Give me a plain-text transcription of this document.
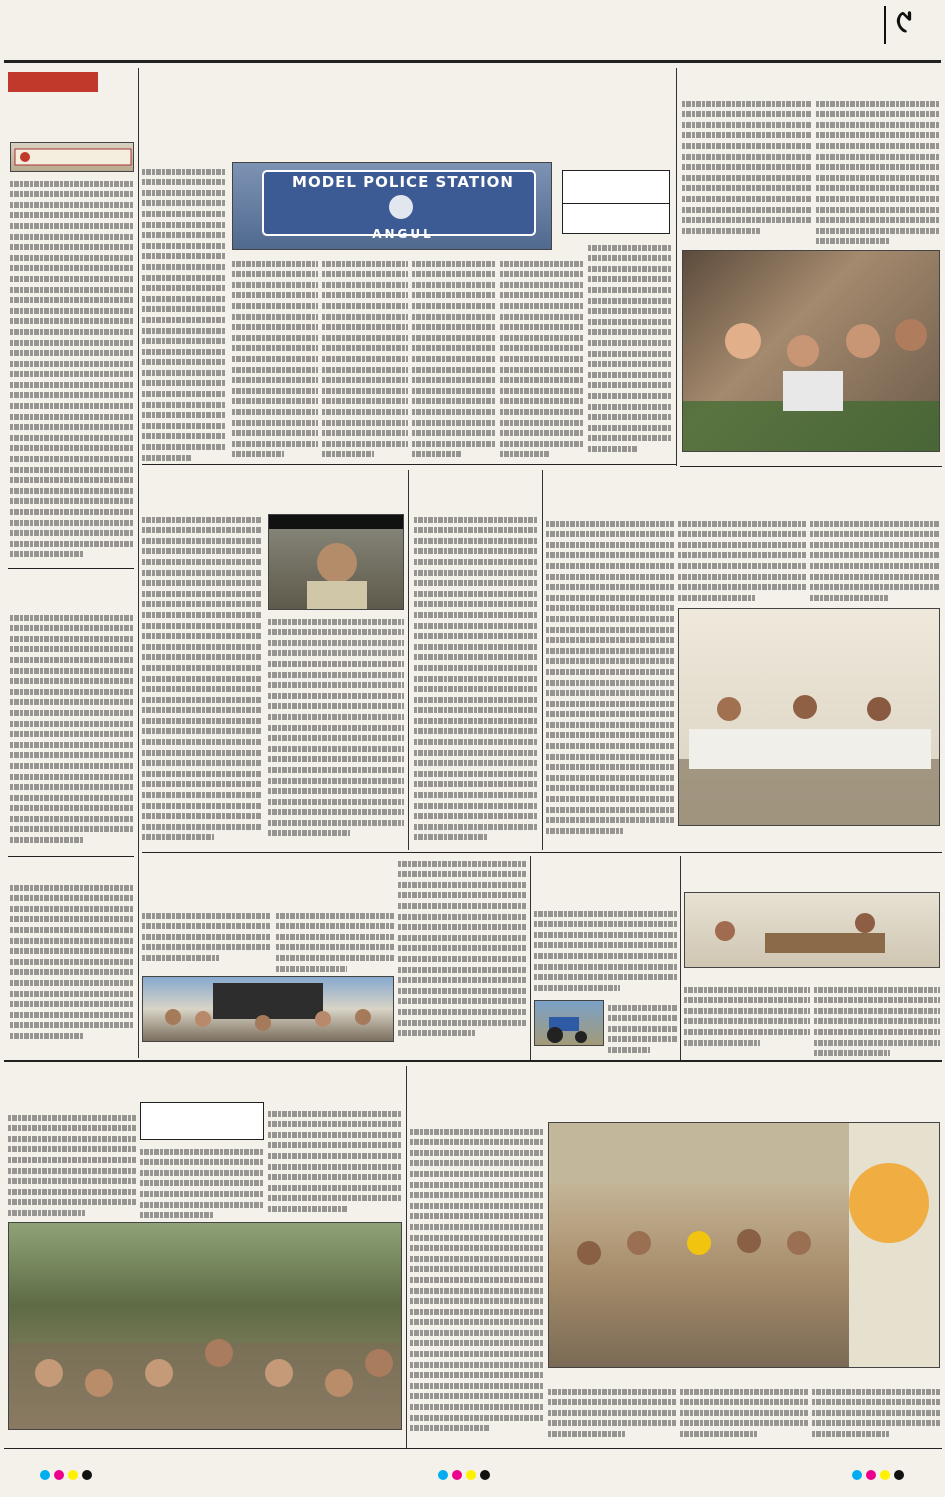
୯
MODEL POLICE STATION
ANGUL
